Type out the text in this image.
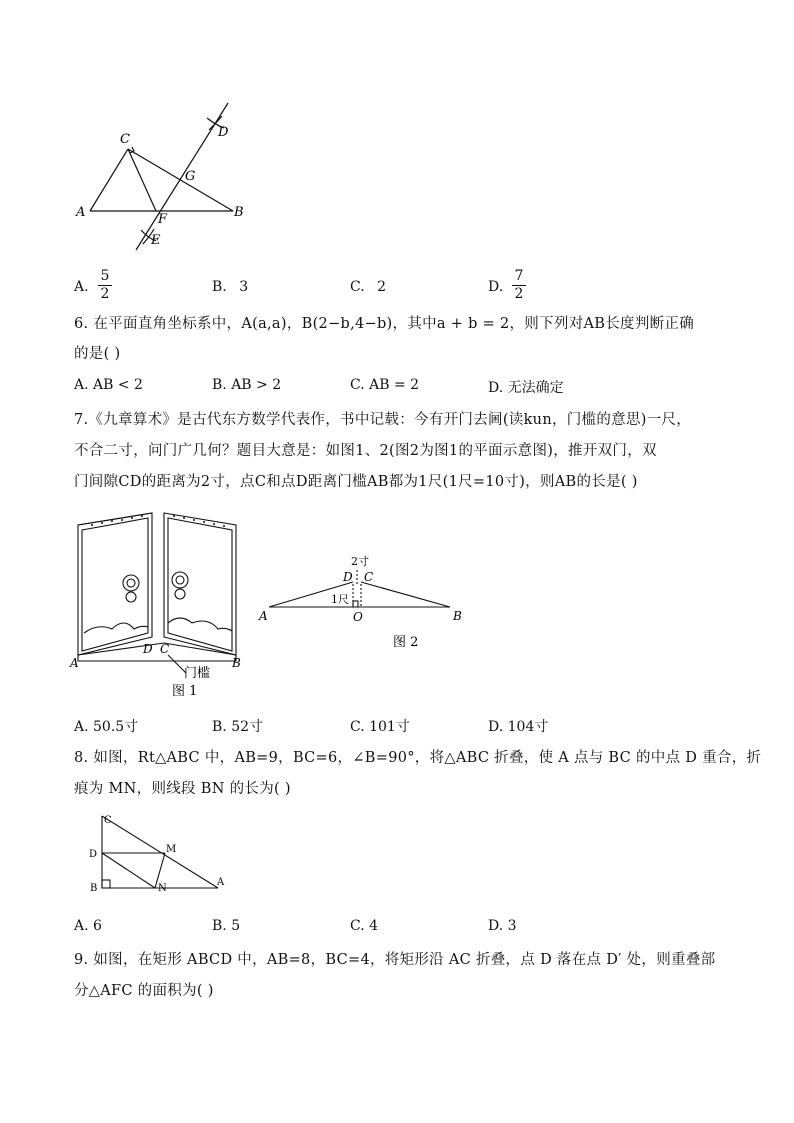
C	D
G
A	F	B
E
A. $\frac{5}{2}$	B. 3	C. 2	D. $\frac{7}{2}$
6. 在平面直角坐标系中，A(a,a)，B(2−b,4−b)，其中a + b = 2，则下列对AB长度判断正确
的是( )
A. AB < 2	B. AB > 2	C. AB = 2	D. 无法确定
7.《九章算术》是古代东方数学代表作，书中记载：今有开门去阃(读kun，门槛的意思)一尺，
不合二寸，问门广几何？题目大意是：如图1、2(图2为图1的平面示意图)，推开双门，双
门间隙CD的距离为2寸，点C和点D距离门槛AB都为1尺(1尺=10寸)，则AB的长是( )
A
D C
B
门槛
图 1
2寸
D C
1尺
A	O	B
图 2
A. 50.5寸	B. 52寸	C. 101寸	D. 104寸
8. 如图，Rt△ABC 中，AB=9，BC=6，∠B=90°，将△ABC 折叠，使 A 点与 BC 的中点 D 重合，折
痕为 MN，则线段 BN 的长为( )
C
D	M
B	N
A
A. 6	B. 5	C. 4	D. 3
9. 如图，在矩形 ABCD 中，AB=8，BC=4，将矩形沿 AC 折叠，点 D 落在点 D′ 处，则重叠部
分△AFC 的面积为( )
